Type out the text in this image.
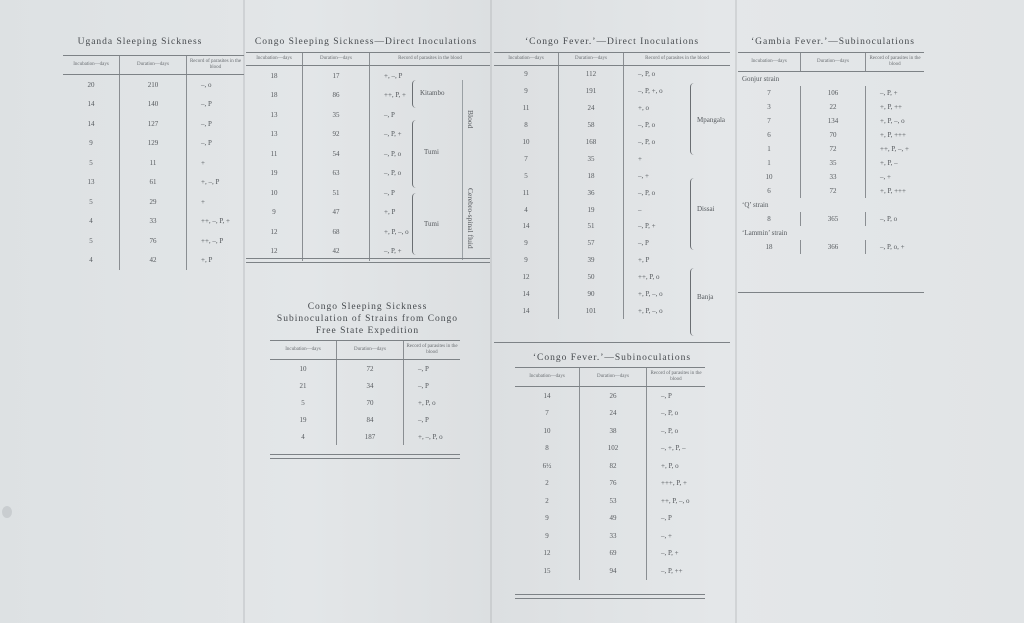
Uganda Sleeping Sickness
Incubation—days	Duration—days	Record of parasites in the blood
20	210	–, o
14	140	–, P
14	127	–, P
9	129	–, P
5	11	+
13	61	+, –, P
5	29	+
4	33	++, –, P, +
5	76	++, –, P
4	42	+, P
Congo Sleeping Sickness—Direct Inoculations
Incubation—days	Duration—days	Record of parasites in the blood
18	17	+, –, P
18	86	++, P, +
13	35	–, P
13	92	–, P, +
11	54	–, P, o
19	63	–, P, o
10	51	–, P
9	47	+, P
12	68	+, P, –, o
12	42	–, P, +
Kitambo
Tumi
Tumi
Blood
Cerebro-spinal fluid
Congo Sleeping Sickness
Subinoculation of Strains from Congo
Free State Expedition
Incubation—days	Duration—days	Record of parasites in the blood
10	72	–, P
21	34	–, P
5	70	+, P, o
19	84	–, P
4	187	+, –, P, o
‘Congo Fever.’—Direct Inoculations
Incubation—days	Duration—days	Record of parasites in the blood
9	112	–, P, o
9	191	–, P, +, o
11	24	+, o
8	58	–, P, o
10	168	–, P, o
7	35	+
5	18	–, +
11	36	–, P, o
4	19	–
14	51	–, P, +
9	57	–, P
9	39	+, P
12	50	++, P, o
14	90	+, P, –, o
14	101	+, P, –, o
Mpangala
Dissai
Banja
‘Congo Fever.’—Subinoculations
Incubation—days	Duration—days	Record of parasites in the blood
14	26	–, P
7	24	–, P, o
10	38	–, P, o
8	102	–, +, P, –
6½	82	+, P, o
2	76	+++, P, +
2	53	++, P, –, o
9	49	–, P
9	33	–, +
12	69	–, P, +
15	94	–, P, ++
‘Gambia Fever.’—Subinoculations
Incubation—days	Duration—days	Record of parasites in the blood
Gonjur strain		
7	106	–, P, +
3	22	+, P, ++
7	134	+, P, –, o
6	70	+, P, +++
1	72	++, P, –, +
1	35	+, P, –
10	33	–, +
6	72	+, P, +++
‘Q’ strain		
8	365	–, P, o
‘Lammin’ strain		
18	366	–, P, o, +
